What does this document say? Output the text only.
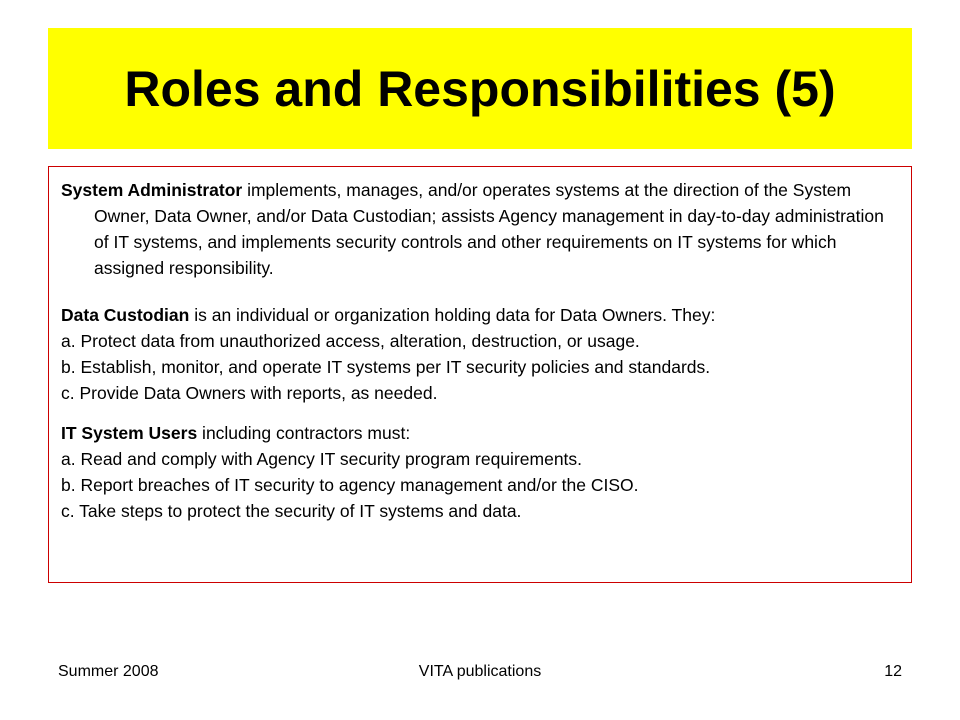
Roles and Responsibilities (5)
System Administrator implements, manages, and/or operates systems at the direction of the System Owner, Data Owner, and/or Data Custodian; assists Agency management in day-to-day administration of IT systems, and implements security controls and other requirements on IT systems for which assigned responsibility.
Data Custodian is an individual or organization holding data for Data Owners. They:
a. Protect data from unauthorized access, alteration, destruction, or usage.
b. Establish, monitor, and operate IT systems per IT security policies and standards.
c. Provide Data Owners with reports, as needed.
IT System Users including contractors must:
a. Read and comply with Agency IT security program requirements.
b. Report breaches of IT security to agency management and/or the CISO.
c. Take steps to protect the security of IT systems and data.
Summer 2008	VITA publications	12
